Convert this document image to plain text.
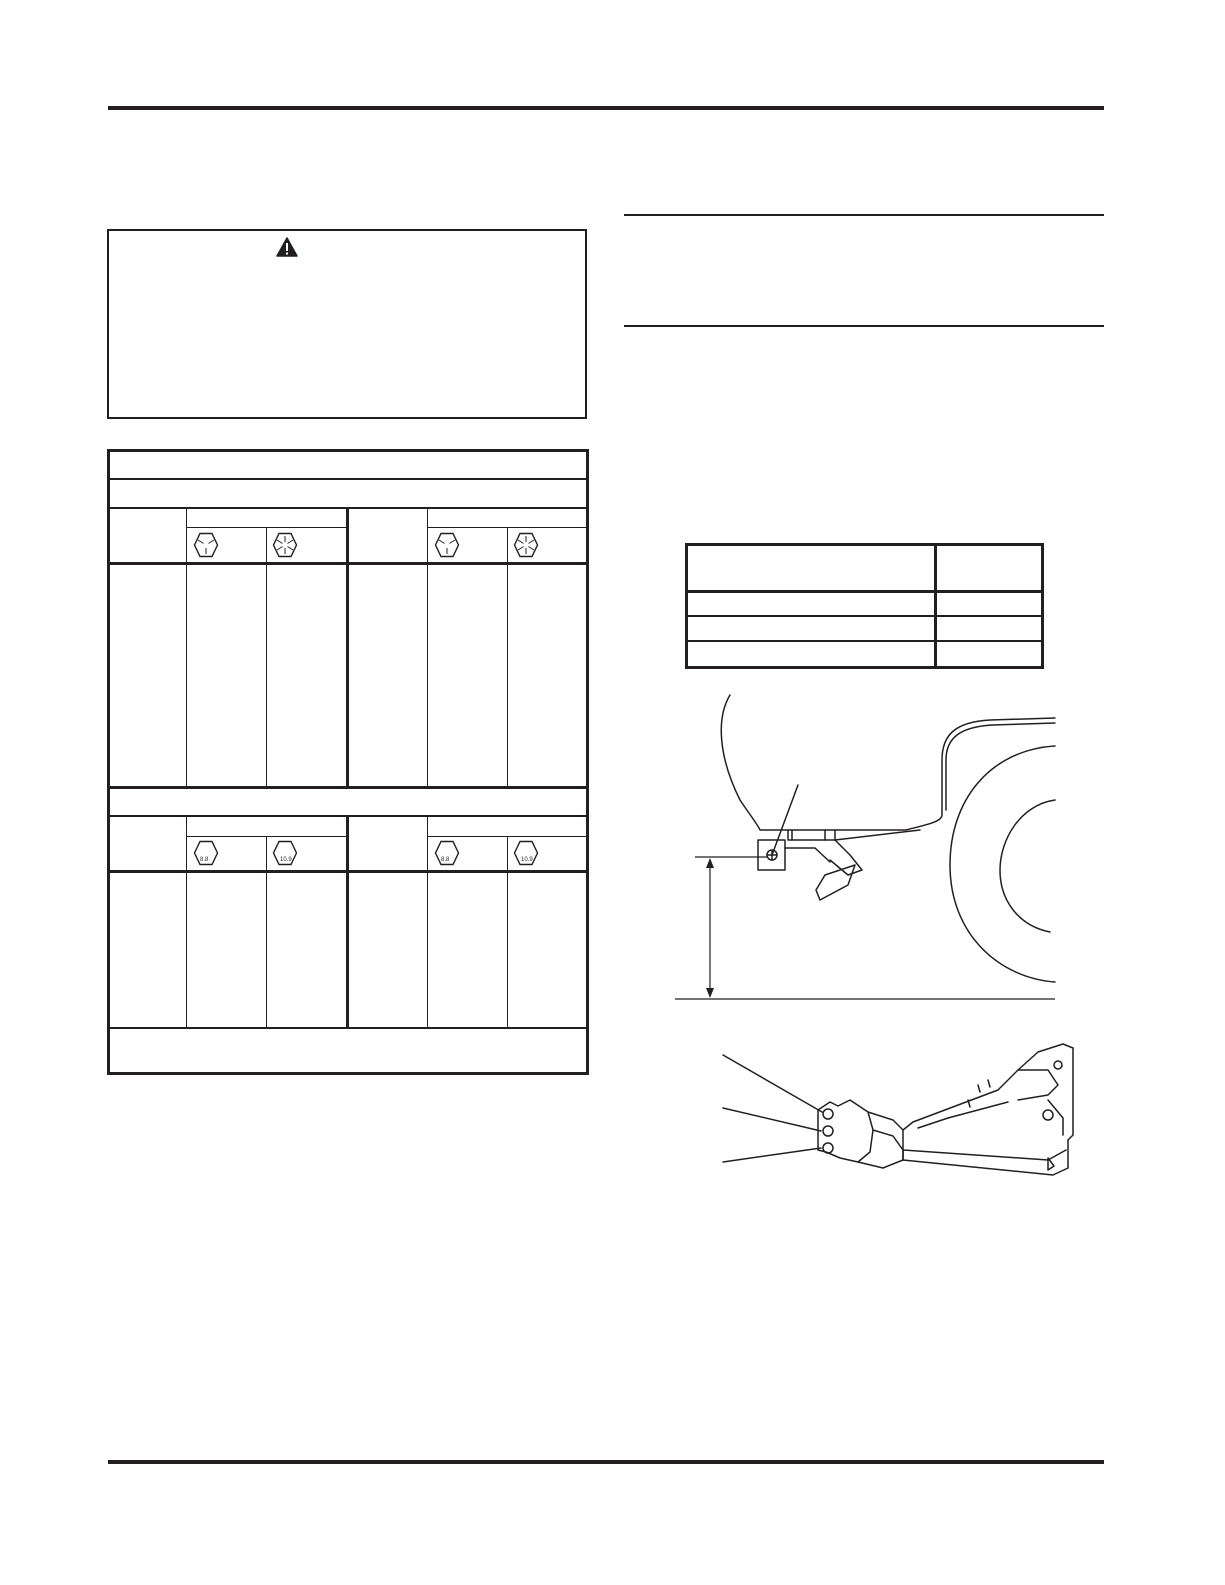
8.8	10.9	8.8	10.9
